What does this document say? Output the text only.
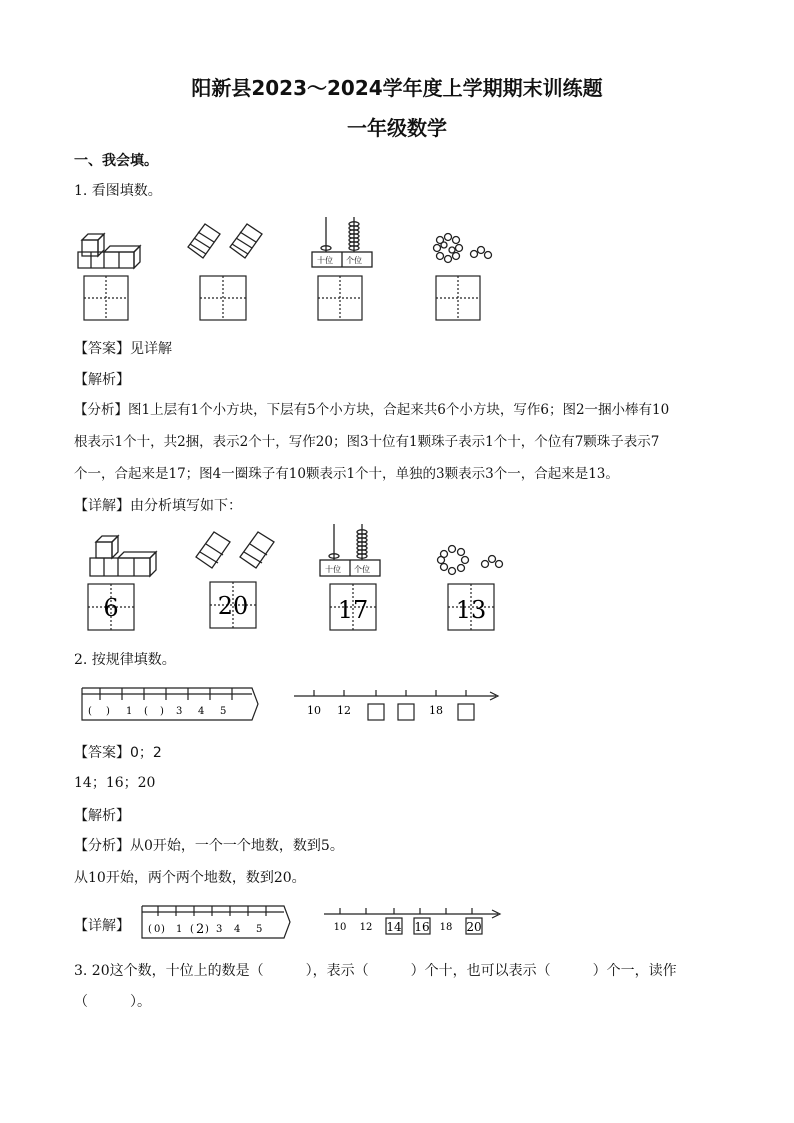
阳新县2023～2024学年度上学期期末训练题
一年级数学
一、我会填。
1. 看图填数。
十位 个位
【答案】见详解
【解析】
【分析】图1上层有1个小方块，下层有5个小方块，合起来共6个小方块，写作6；图2一捆小棒有10
根表示1个十，共2捆，表示2个十，写作20；图3十位有1颗珠子表示1个十，个位有7颗珠子表示7
个一，合起来是17；图4一圈珠子有10颗表示1个十，单独的3颗表示3个一，合起来是13。
【详解】由分析填写如下：
十位 个位
6	20	17	13
2. 按规律填数。
( ) 1 ( ) 3 4 5	10 12	18
【答案】0；2
14；16；20
【解析】
【分析】从0开始，一个一个地数，数到5。
从10开始，两个两个地数，数到20。
【详解】 ( 0 ) 1 ( 2 ) 3 4 5	10 12 14 16 18 20
3. 20这个数，十位上的数是（　　　），表示（　　　）个十，也可以表示（　　　）个一，读作
（　　　）。
